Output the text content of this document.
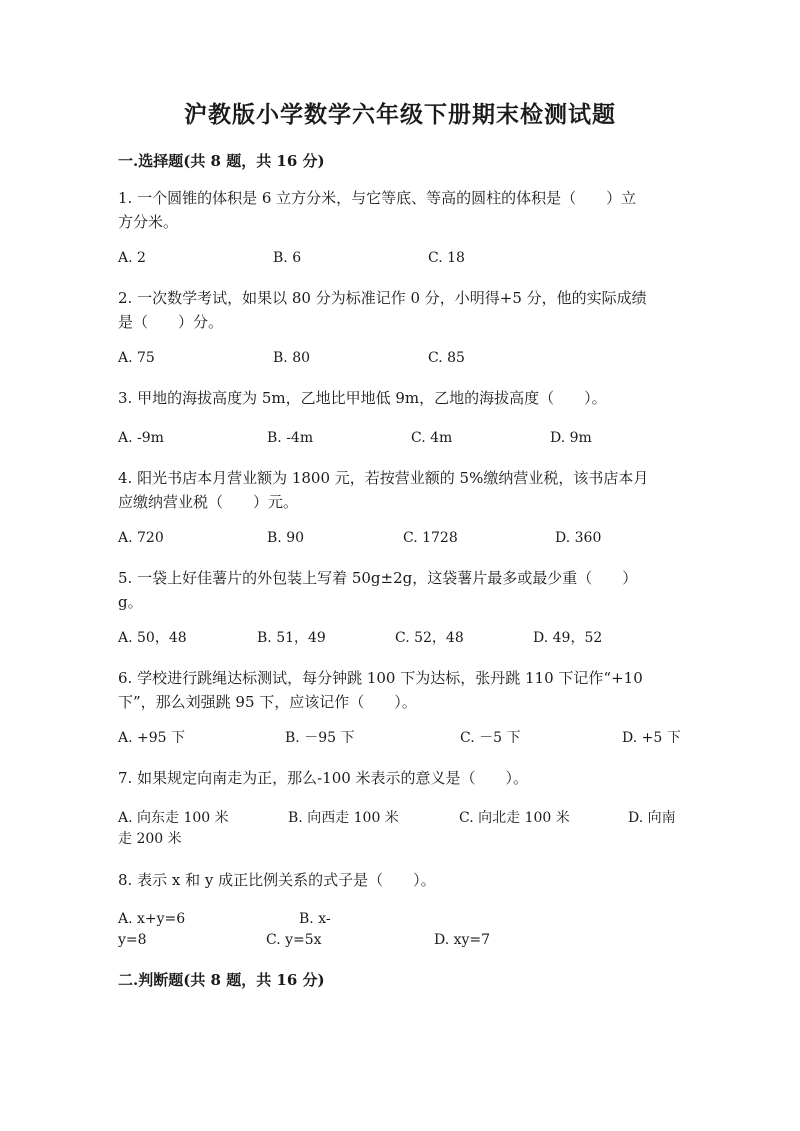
沪教版小学数学六年级下册期末检测试题
一.选择题(共 8 题，共 16 分)
1. 一个圆锥的体积是 6 立方分米，与它等底、等高的圆柱的体积是（　　）立
方分米。
A. 2	B. 6	C. 18
2. 一次数学考试，如果以 80 分为标准记作 0 分，小明得+5 分，他的实际成绩
是（　　）分。
A. 75	B. 80	C. 85
3. 甲地的海拔高度为 5m，乙地比甲地低 9m，乙地的海拔高度（　　）。
A. -9m	B. -4m	C. 4m	D. 9m
4. 阳光书店本月营业额为 1800 元，若按营业额的 5%缴纳营业税，该书店本月
应缴纳营业税（　　）元。
A. 720	B. 90	C. 1728	D. 360
5. 一袋上好佳薯片的外包装上写着 50g±2g，这袋薯片最多或最少重（　　）
g。
A. 50，48	B. 51，49	C. 52，48	D. 49，52
6. 学校进行跳绳达标测试，每分钟跳 100 下为达标，张丹跳 110 下记作“+10
下”，那么刘强跳 95 下，应该记作（　　）。
A. +95 下	B. －95 下	C. －5 下	D. +5 下
7. 如果规定向南走为正，那么-100 米表示的意义是（　　）。
A. 向东走 100 米	B. 向西走 100 米	C. 向北走 100 米	D. 向南
走 200 米
8. 表示 x 和 y 成正比例关系的式子是（　　）。
A. x+y=6	B. x-
y=8	C. y=5x	D. xy=7
二.判断题(共 8 题，共 16 分)
